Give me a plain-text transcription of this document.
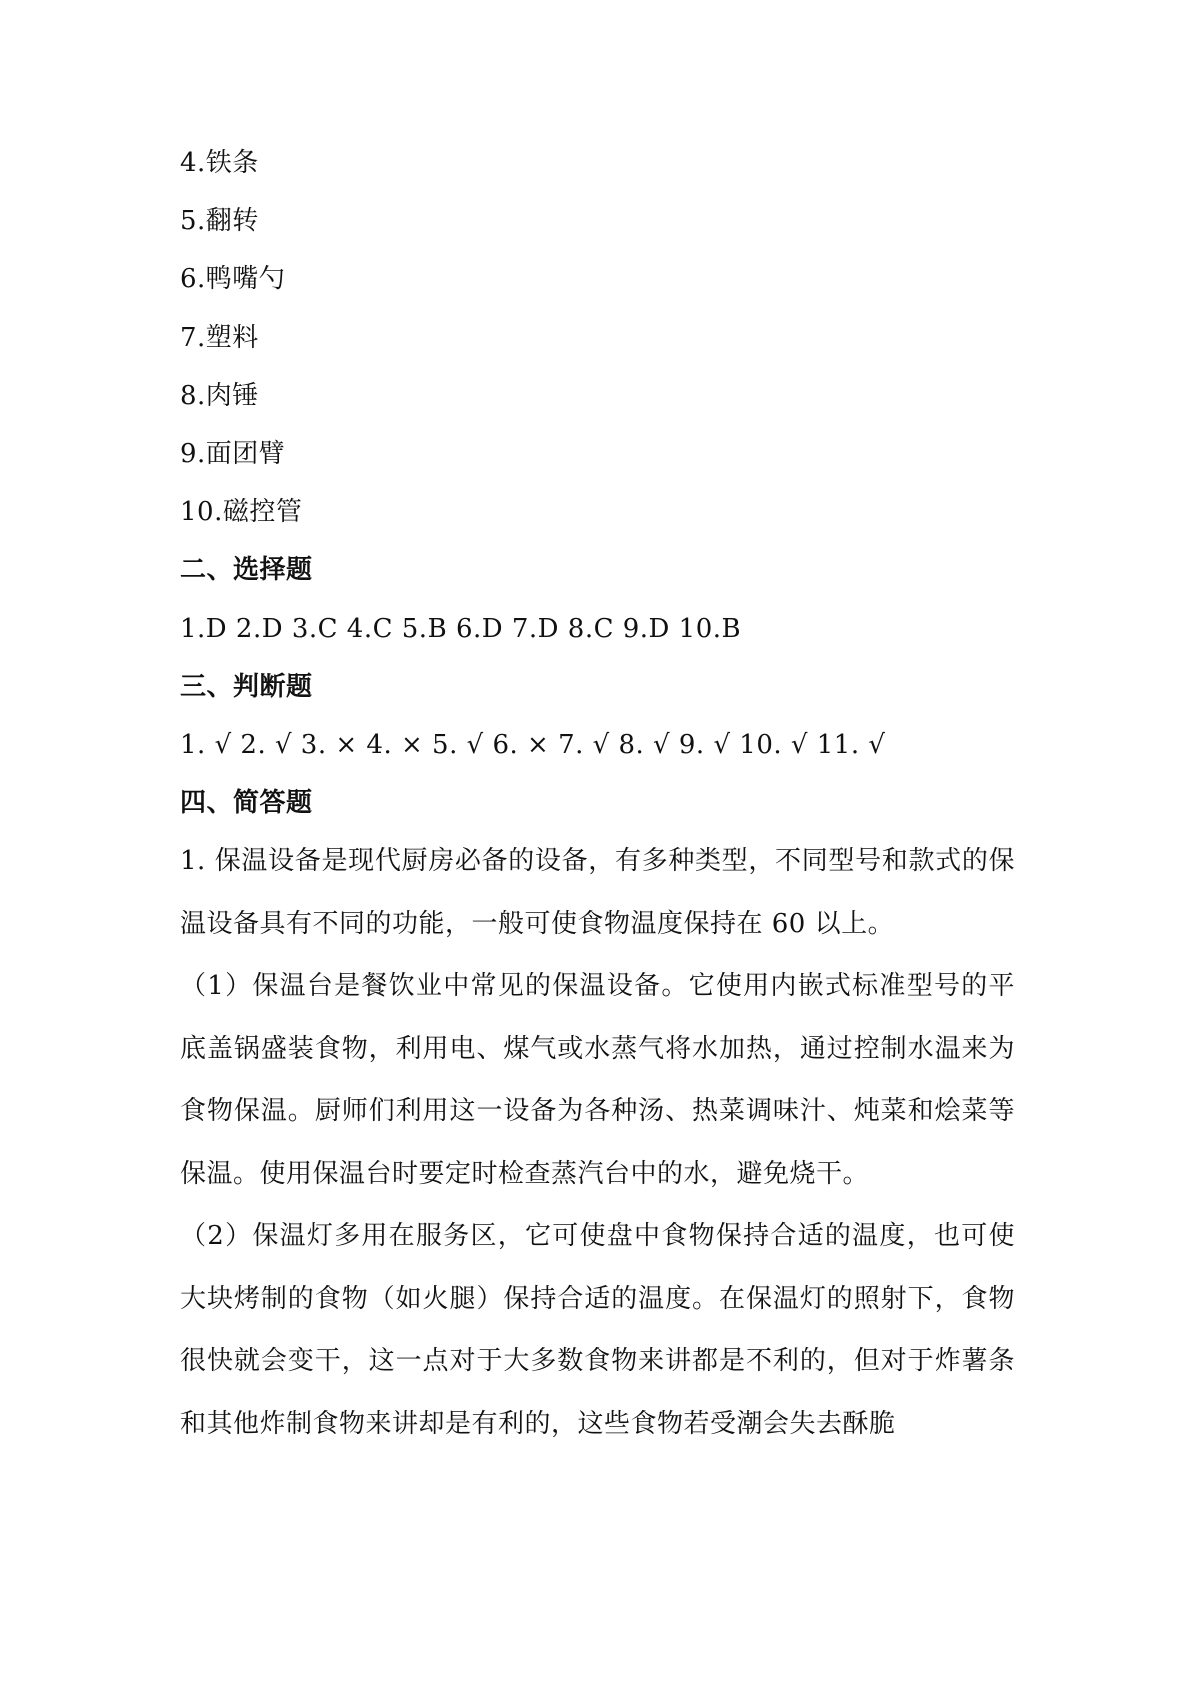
4.铁条
5.翻转
6.鸭嘴勺
7.塑料
8.肉锤
9.面团臂
10.磁控管
二、选择题
1.D 2.D 3.C 4.C 5.B 6.D 7.D 8.C 9.D 10.B
三、判断题
1. √ 2. √ 3. × 4. × 5. √ 6. × 7. √ 8. √ 9. √ 10. √ 11. √
四、简答题
1. 保温设备是现代厨房必备的设备，有多种类型，不同型号和款式的保温设备具有不同的功能，一般可使食物温度保持在 60 以上。
（1）保温台是餐饮业中常见的保温设备。它使用内嵌式标准型号的平底盖锅盛装食物，利用电、煤气或水蒸气将水加热，通过控制水温来为食物保温。厨师们利用这一设备为各种汤、热菜调味汁、炖菜和烩菜等保温。使用保温台时要定时检查蒸汽台中的水，避免烧干。
（2）保温灯多用在服务区，它可使盘中食物保持合适的温度，也可使大块烤制的食物（如火腿）保持合适的温度。在保温灯的照射下，食物很快就会变干，这一点对于大多数食物来讲都是不利的，但对于炸薯条和其他炸制食物来讲却是有利的，这些食物若受潮会失去酥脆
